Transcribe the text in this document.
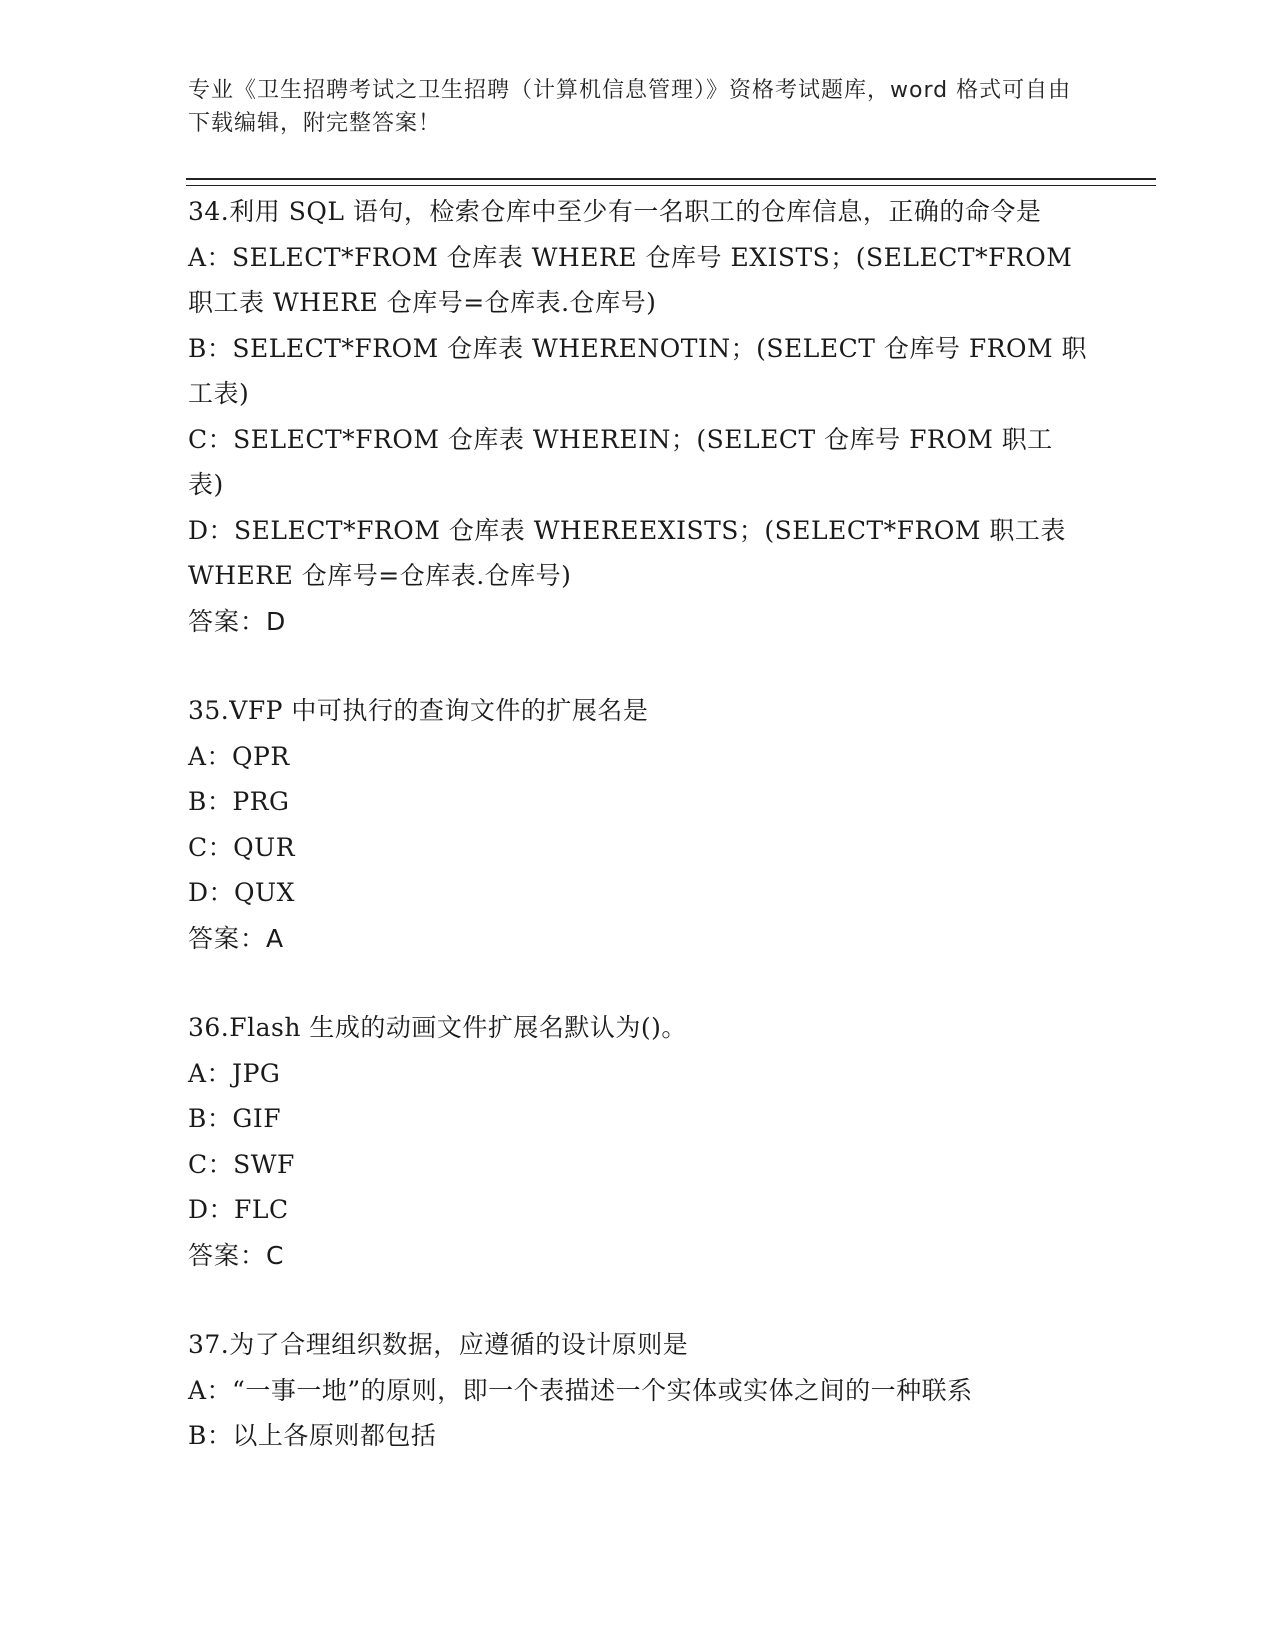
专业《卫生招聘考试之卫生招聘（计算机信息管理）》资格考试题库，word 格式可自由下载编辑，附完整答案！
34.利用 SQL 语句，检索仓库中至少有一名职工的仓库信息，正确的命令是
A：SELECT*FROM 仓库表 WHERE 仓库号 EXISTS；(SELECT*FROM 职工表 WHERE 仓库号=仓库表.仓库号)
B：SELECT*FROM 仓库表 WHERENOTIN；(SELECT 仓库号 FROM 职工表)
C：SELECT*FROM 仓库表 WHEREIN；(SELECT 仓库号 FROM 职工表)
D：SELECT*FROM 仓库表 WHEREEXISTS；(SELECT*FROM 职工表 WHERE 仓库号=仓库表.仓库号)
答案：D
35.VFP 中可执行的查询文件的扩展名是
A：QPR
B：PRG
C：QUR
D：QUX
答案：A
36.Flash 生成的动画文件扩展名默认为()。
A：JPG
B：GIF
C：SWF
D：FLC
答案：C
37.为了合理组织数据，应遵循的设计原则是
A：“一事一地”的原则，即一个表描述一个实体或实体之间的一种联系
B：以上各原则都包括
